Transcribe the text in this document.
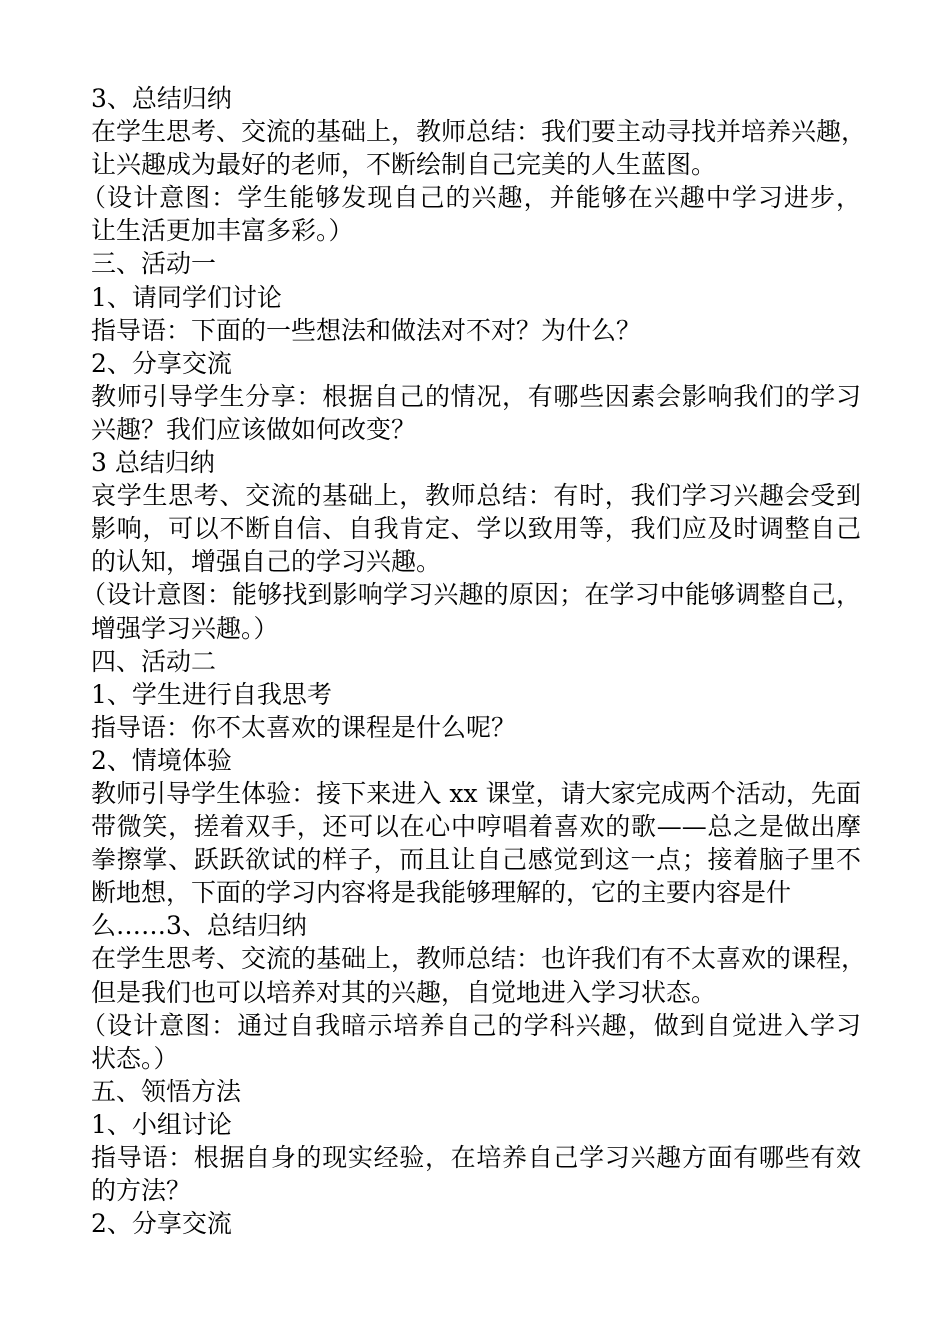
3、总结归纳
在学生思考、交流的基础上，教师总结：我们要主动寻找并培养兴趣，
让兴趣成为最好的老师，不断绘制自己完美的人生蓝图。
（设计意图：学生能够发现自己的兴趣，并能够在兴趣中学习进步，
让生活更加丰富多彩。）
三、活动一
1、请同学们讨论
指导语：下面的一些想法和做法对不对？为什么？
2、分享交流
教师引导学生分享：根据自己的情况，有哪些因素会影响我们的学习
兴趣？我们应该做如何改变？
3 总结归纳
哀学生思考、交流的基础上，教师总结：有时，我们学习兴趣会受到
影响，可以不断自信、自我肯定、学以致用等，我们应及时调整自己
的认知，增强自己的学习兴趣。
（设计意图：能够找到影响学习兴趣的原因；在学习中能够调整自己，
增强学习兴趣。）
四、活动二
1、学生进行自我思考
指导语：你不太喜欢的课程是什么呢？
2、情境体验
教师引导学生体验：接下来进入 xx 课堂，请大家完成两个活动，先面
带微笑，搓着双手，还可以在心中哼唱着喜欢的歌——总之是做出摩
拳擦掌、跃跃欲试的样子，而且让自己感觉到这一点；接着脑子里不
断地想，下面的学习内容将是我能够理解的，它的主要内容是什
么……3、总结归纳
在学生思考、交流的基础上，教师总结：也许我们有不太喜欢的课程，
但是我们也可以培养对其的兴趣，自觉地进入学习状态。
（设计意图：通过自我暗示培养自己的学科兴趣，做到自觉进入学习
状态。）
五、领悟方法
1、小组讨论
指导语：根据自身的现实经验，在培养自己学习兴趣方面有哪些有效
的方法？
2、分享交流
